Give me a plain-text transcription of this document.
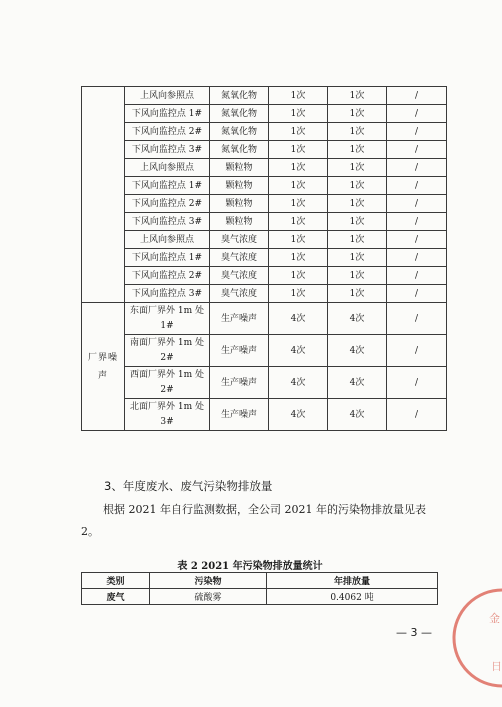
	上风向参照点	氮氧化物	1次	1次	/
	下风向监控点 1#	氮氧化物	1次	1次	/
	下风向监控点 2#	氮氧化物	1次	1次	/
	下风向监控点 3#	氮氧化物	1次	1次	/
	上风向参照点	颗粒物	1次	1次	/
	下风向监控点 1#	颗粒物	1次	1次	/
	下风向监控点 2#	颗粒物	1次	1次	/
	下风向监控点 3#	颗粒物	1次	1次	/
	上风向参照点	臭气浓度	1次	1次	/
	下风向监控点 1#	臭气浓度	1次	1次	/
	下风向监控点 2#	臭气浓度	1次	1次	/
	下风向监控点 3#	臭气浓度	1次	1次	/
厂界噪声	东面厂界外 1m 处 1#	生产噪声	4次	4次	/
	南面厂界外 1m 处 2#	生产噪声	4次	4次	/
	西面厂界外 1m 处 2#	生产噪声	4次	4次	/
	北面厂界外 1m 处 3#	生产噪声	4次	4次	/
3、年度废水、废气污染物排放量
根据 2021 年自行监测数据，全公司 2021 年的污染物排放量见表 2。
表 2 2021 年污染物排放量统计
类别	污染物	年排放量
废气	硫酸雾	0.4062 吨
— 3 —
金
日
